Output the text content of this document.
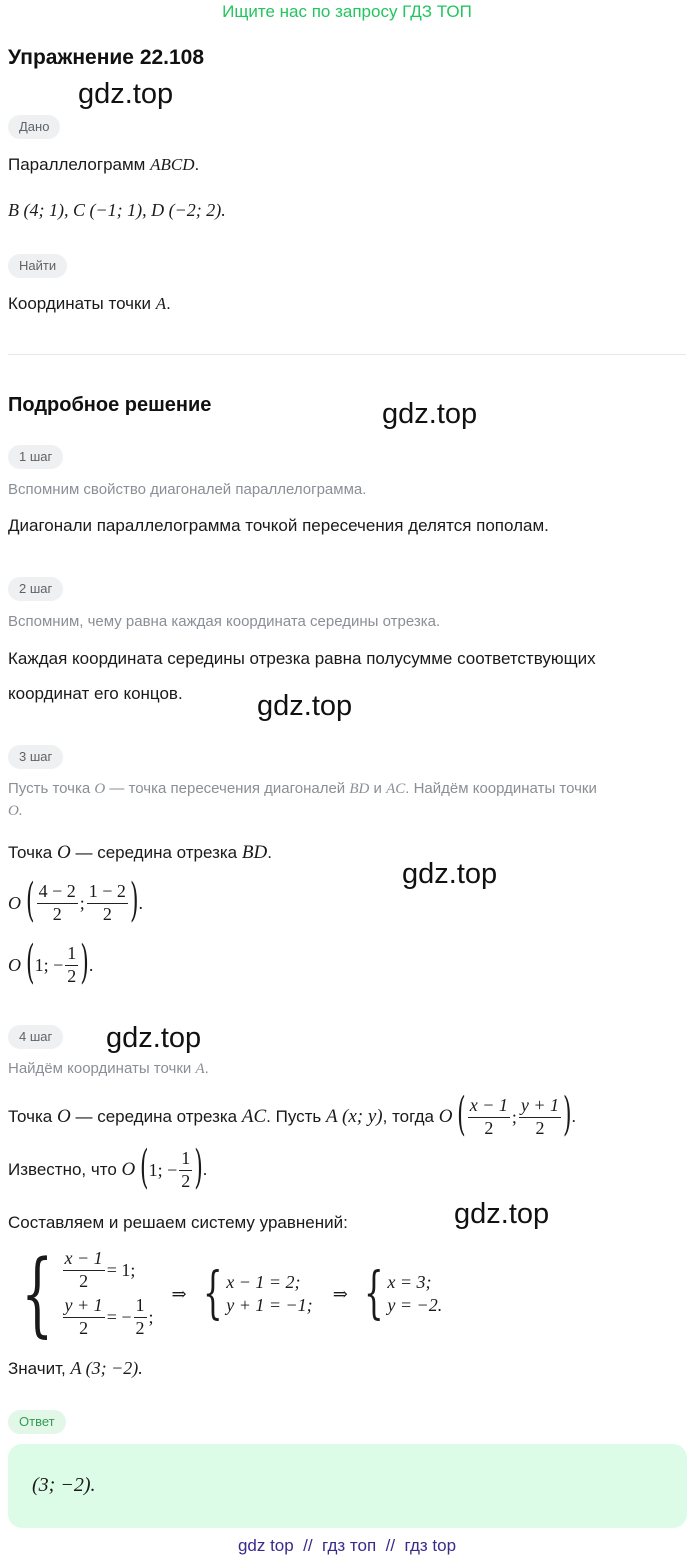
Ищите нас по запросу ГДЗ ТОП
Упражнение 22.108
gdz.top
Дано
Параллелограмм ABCD.
B (4; 1), C (−1; 1), D (−2; 2).
Найти
Координаты точки A.
Подробное решение	gdz.top
1 шаг
Вспомним свойство диагоналей параллелограмма.
Диагонали параллелограмма точкой пересечения делятся пополам.
2 шаг
Вспомним, чему равна каждая координата середины отрезка.
Каждая координата середины отрезка равна полусумме соответствующих
координат его концов.	gdz.top
3 шаг
Пусть точка O — точка пересечения диагоналей BD и AC. Найдём координаты точки
O.
Точка O — середина отрезка BD.
gdz.top
O
( $\frac{4 - 2}{2}$ ; $\frac{1 - 2}{2}$ ) .
O
( 1; − $\frac{1}{2}$ ) .
4 шаг	gdz.top
Найдём координаты точки A.
Точка
O
— середина отрезка
AC . Пусть
A (x; y) , тогда
O
( $\frac{x - 1}{2}$ ; $\frac{y + 1}{2}$ ) .
Известно, что
O
( 1; − $\frac{1}{2}$ ) .
Составляем и решаем систему уравнений:	gdz.top
{ $\frac{x - 1}{2} = 1$;
$\frac{y + 1}{2}$ = − $\frac{1}{2}$ ;
⇒ { x − 1 = 2;
y + 1 = −1;
⇒ { x = 3;
y = −2.
Значит, A (3; −2).
Ответ
(3; −2).
gdz top  //  гдз топ  //  гдз top
